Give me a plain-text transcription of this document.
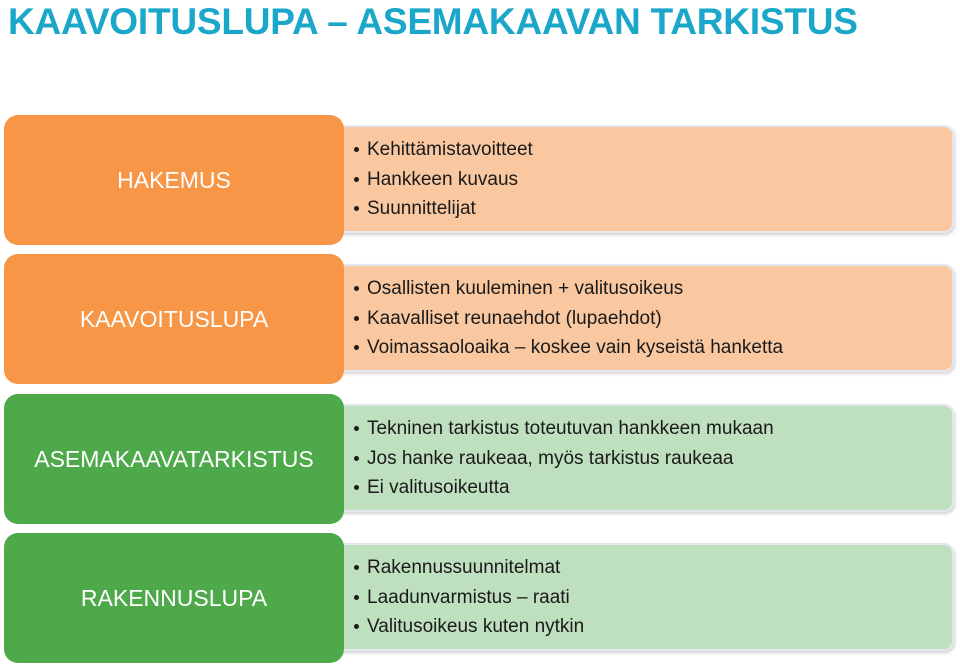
KAAVOITUSLUPA – ASEMAKAAVAN TARKISTUS
HAKEMUS
Kehittämistavoitteet
Hankkeen kuvaus
Suunnittelijat
KAAVOITUSLUPA
Osallisten kuuleminen + valitusoikeus
Kaavalliset reunaehdot (lupaehdot)
Voimassaoloaika – koskee vain kyseistä hanketta
ASEMAKAAVATARKISTUS
Tekninen tarkistus toteutuvan hankkeen mukaan
Jos hanke raukeaa, myös tarkistus raukeaa
Ei valitusoikeutta
RAKENNUSLUPA
Rakennussuunnitelmat
Laadunvarmistus – raati
Valitusoikeus kuten nytkin
